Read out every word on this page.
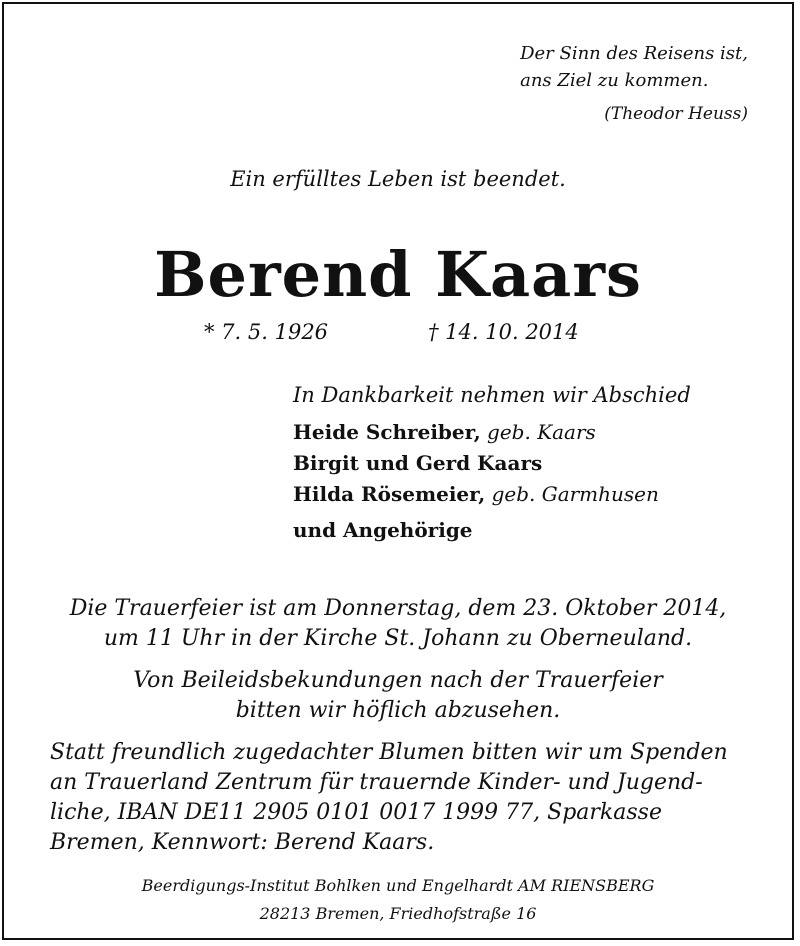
Der Sinn des Reisens ist,
ans Ziel zu kommen.
(Theodor Heuss)
Ein erfülltes Leben ist beendet.
Berend Kaars
* 7. 5. 1926	† 14. 10. 2014
In Dankbarkeit nehmen wir Abschied
Heide Schreiber, geb. Kaars
Birgit und Gerd Kaars
Hilda Rösemeier, geb. Garmhusen
und Angehörige
Die Trauerfeier ist am Donnerstag, dem 23. Oktober 2014,
um 11 Uhr in der Kirche St. Johann zu Oberneuland.
Von Beileidsbekundungen nach der Trauerfeier
bitten wir höflich abzusehen.
Statt freundlich zugedachter Blumen bitten wir um Spenden
an Trauerland Zentrum für trauernde Kinder- und Jugend-
liche, IBAN DE11 2905 0101 0017 1999 77, Sparkasse
Bremen, Kennwort: Berend Kaars.
Beerdigungs-Institut Bohlken und Engelhardt AM RIENSBERG
28213 Bremen, Friedhofstraße 16
